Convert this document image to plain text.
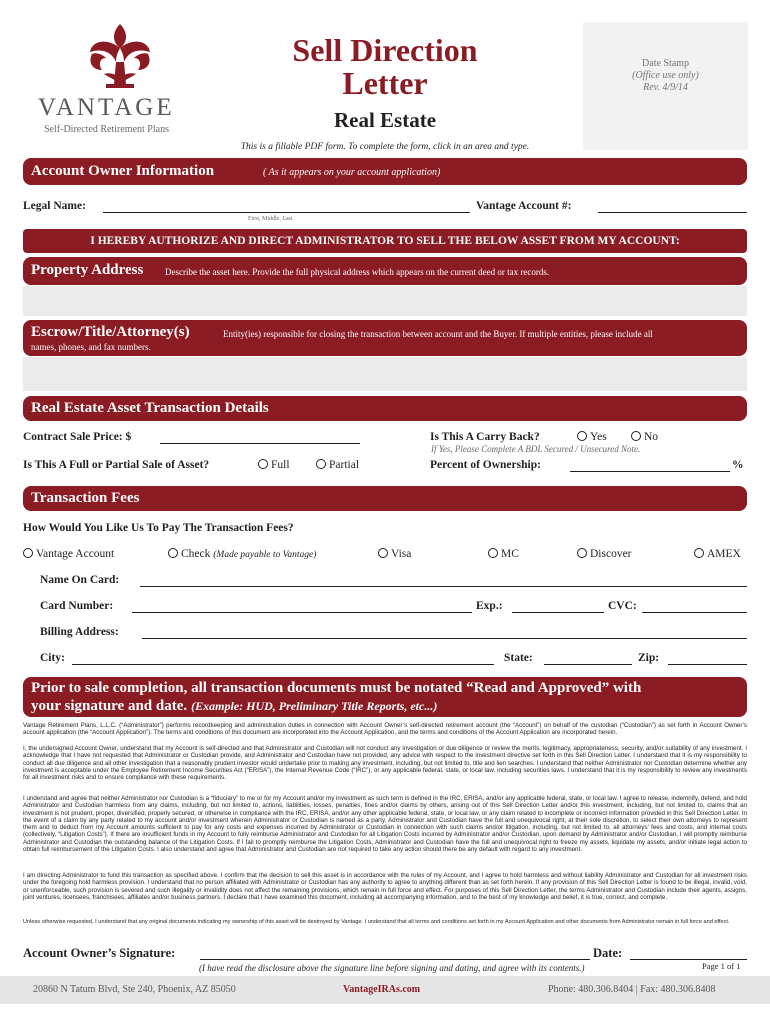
VANTAGE
Self-Directed Retirement Plans
Sell Direction
Letter
Real Estate
Date Stamp
(Office use only)
Rev. 4/9/14
This is a fillable PDF form. To complete the form, click in an area and type.
Account Owner Information	( As it appears on your account application)
Legal Name:
First, Middle, Last
Vantage Account #:
I HEREBY AUTHORIZE AND DIRECT ADMINISTRATOR TO SELL THE BELOW ASSET FROM MY ACCOUNT:
Property Address Describe the asset here. Provide the full physical address which appears on the current deed or tax records.
Escrow/Title/Attorney(s)	Entity(ies) responsible for closing the transaction between account and the Buyer. If multiple entities, please include all
names, phones, and fax numbers.
Real Estate Asset Transaction Details
Contract Sale Price: $	Is This A Carry Back?	Yes	No
If Yes, Please Complete A BDL Secured / Unsecured Note.
Is This A Full or Partial Sale of Asset?	Full	Partial	Percent of Ownership:	%
Transaction Fees
How Would You Like Us To Pay The Transaction Fees?
Vantage Account	Check (Made payable to Vantage)	Visa	MC	Discover	AMEX
Name On Card:
Card Number:	Exp.:	CVC:
Billing Address:
City:	State:	Zip:
Prior to sale completion, all transaction documents must be notated “Read and Approved” with
your signature and date. (Example: HUD, Preliminary Title Reports, etc...)
Vantage Retirement Plans, L.L.C. (“Administrator”) performs recordkeeping and administration duties in connection with Account Owner’s self-directed retirement account (the “Account”) on behalf of the custodian (“Custodian”) as set forth in Account Owner’s account application (the “Account Application”). The terms and conditions of this document are incorporated into the Account Application, and the terms and conditions of the Account Application are incorporated herein.
I, the undersigned Account Owner, understand that my Account is self-directed and that Administrator and Custodian will not conduct any investigation or due diligence or review the merits, legitimacy, appropriateness, security, and/or suitability of any investment. I acknowledge that I have not requested that Administrator or Custodian provide, and Administrator and Custodian have not provided, any advice with respect to the investment directive set forth in this Sell Direction Letter. I understand that it is my responsibility to conduct all due diligence and all other investigation that a reasonably prudent investor would undertake prior to making any investment, including, but not limited to, title and lien searches. I understand that neither Administrator nor Custodian determine whether any investment is acceptable under the Employee Retirement Income Securities Act (“ERISA”), the Internal Revenue Code (“IRC”), or any applicable federal, state, or local law, including securities laws. I understand that it is my responsibility to review any investments for all investment risks and to ensure compliance with these requirements.
I understand and agree that neither Administrator nor Custodian is a “fiduciary” to me or for my Account and/or my investment as such term is defined in the IRC, ERISA, and/or any applicable federal, state, or local law. I agree to release, indemnify, defend, and hold Administrator and Custodian harmless from any claims, including, but not limited to, actions, liabilities, losses, penalties, fines and/or claims by others, arising out of this Sell Direction Letter and/or this investment, including, but not limited to, claims that an investment is not prudent, proper, diversified, properly secured, or otherwise in compliance with the IRC, ERISA, and/or any other applicable federal, state, or local law, or any claim related to incomplete or incorrect information provided in this Sell Direction Letter. In the event of a claim by any party related to my account and/or investment wherein Administrator or Custodian is named as a party, Administrator and Custodian have the full and unequivocal right, at their sole discretion, to select their own attorneys to represent them and to deduct from my Account amounts sufficient to pay for any costs and expenses incurred by Administrator or Custodian in connection with such claims and/or litigation, including, but not limited to, all attorneys’ fees and costs, and internal costs (collectively, “Litigation Costs”). If there are insufficient funds in my Account to fully reimburse Administrator and Custodian for all Litigation Costs incurred by Administrator and/or Custodian, upon demand by Administrator and/or Custodian, I will promptly reimburse Administrator and Custodian the outstanding balance of the Litigation Costs. If I fail to promptly reimburse the Litigation Costs, Administrator and Custodian have the full and unequivocal right to freeze my assets, liquidate my assets, and/or initiate legal action to obtain full reimbursement of the Litigation Costs. I also understand and agree that Administrator and Custodian are not required to take any action should there be any default with regard to any investment.
I am directing Administrator to fund this transaction as specified above. I confirm that the decision to sell this asset is in accordance with the rules of my Account, and I agree to hold harmless and without liability Administrator and Custodian for all investment risks under the foregoing hold harmless provision. I understand that no person affiliated with Administrator or Custodian has any authority to agree to anything different than as set forth herein. If any provision of this Sell Direction Letter is found to be illegal, invalid, void, or unenforceable, such provision is severed and such illegality or invalidity does not affect the remaining provisions, which remain in full force and effect. For purposes of this Sell Direction Letter, the terms Administrator and Custodian include their agents, assigns, joint ventures, licensees, franchisees, affiliates and/or business partners. I declare that I have examined this document, including all accompanying information, and to the best of my knowledge and belief, it is true, correct, and complete.
Unless otherwise requested, I understand that any original documents indicating my ownership of this asset will be destroyed by Vantage. I understand that all terms and conditions set forth in my Account Application and other documents from Administrator remain in full force and effect.
Account Owner’s Signature:	Date:
(I have read the disclosure above the signature line before signing and dating, and agree with its contents.)	Page 1 of 1
20860 N Tatum Blvd, Ste 240, Phoenix, AZ 85050	VantageIRAs.com	Phone: 480.306.8404 | Fax: 480.306.8408
